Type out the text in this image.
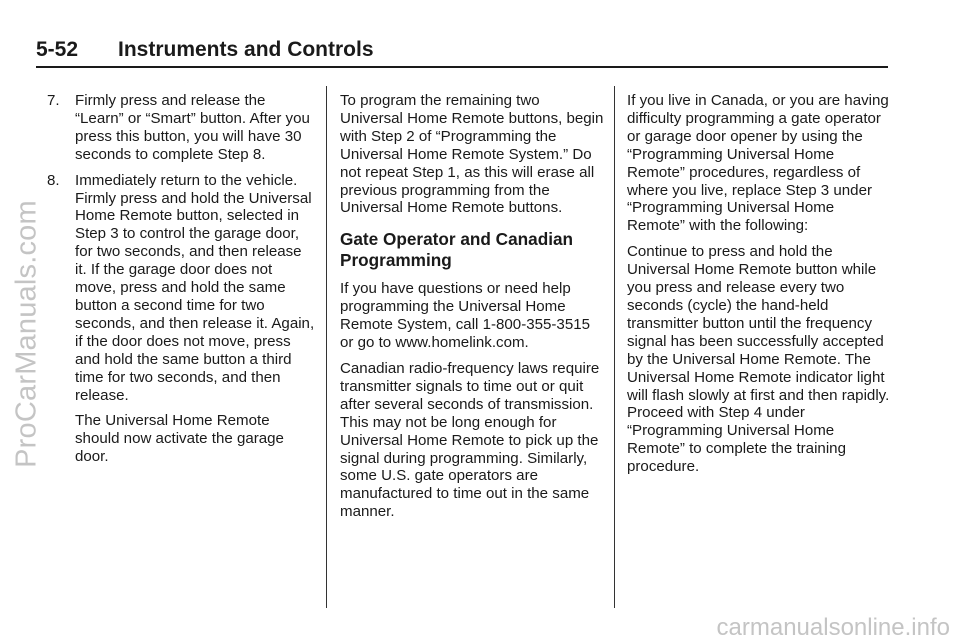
5-52 Instruments and Controls
7.	Firmly press and release the “Learn” or “Smart” button. After you press this button, you will have 30 seconds to complete Step 8.
8.	Immediately return to the vehicle. Firmly press and hold the Universal Home Remote button, selected in Step 3 to control the garage door, for two seconds, and then release it. If the garage door does not move, press and hold the same button a second time for two seconds, and then release it. Again, if the door does not move, press and hold the same button a third time for two seconds, and then release.

The Universal Home Remote should now activate the garage door.

To program the remaining two Universal Home Remote buttons, begin with Step 2 of “Programming the Universal Home Remote System.” Do not repeat Step 1, as this will erase all previous programming from the Universal Home Remote buttons.

Gate Operator and Canadian Programming

If you have questions or need help programming the Universal Home Remote System, call 1-800-355-3515 or go to www.homelink.com.

Canadian radio-frequency laws require transmitter signals to time out or quit after several seconds of transmission. This may not be long enough for Universal Home Remote to pick up the signal during programming. Similarly, some U.S. gate operators are manufactured to time out in the same manner.

If you live in Canada, or you are having difficulty programming a gate operator or garage door opener by using the “Programming Universal Home Remote” procedures, regardless of where you live, replace Step 3 under “Programming Universal Home Remote” with the following:

Continue to press and hold the Universal Home Remote button while you press and release every two seconds (cycle) the hand-held transmitter button until the frequency signal has been successfully accepted by the Universal Home Remote. The Universal Home Remote indicator light will flash slowly at first and then rapidly. Proceed with Step 4 under “Programming Universal Home Remote” to complete the training procedure.

ProCarManuals.com
carmanualsonline.info
